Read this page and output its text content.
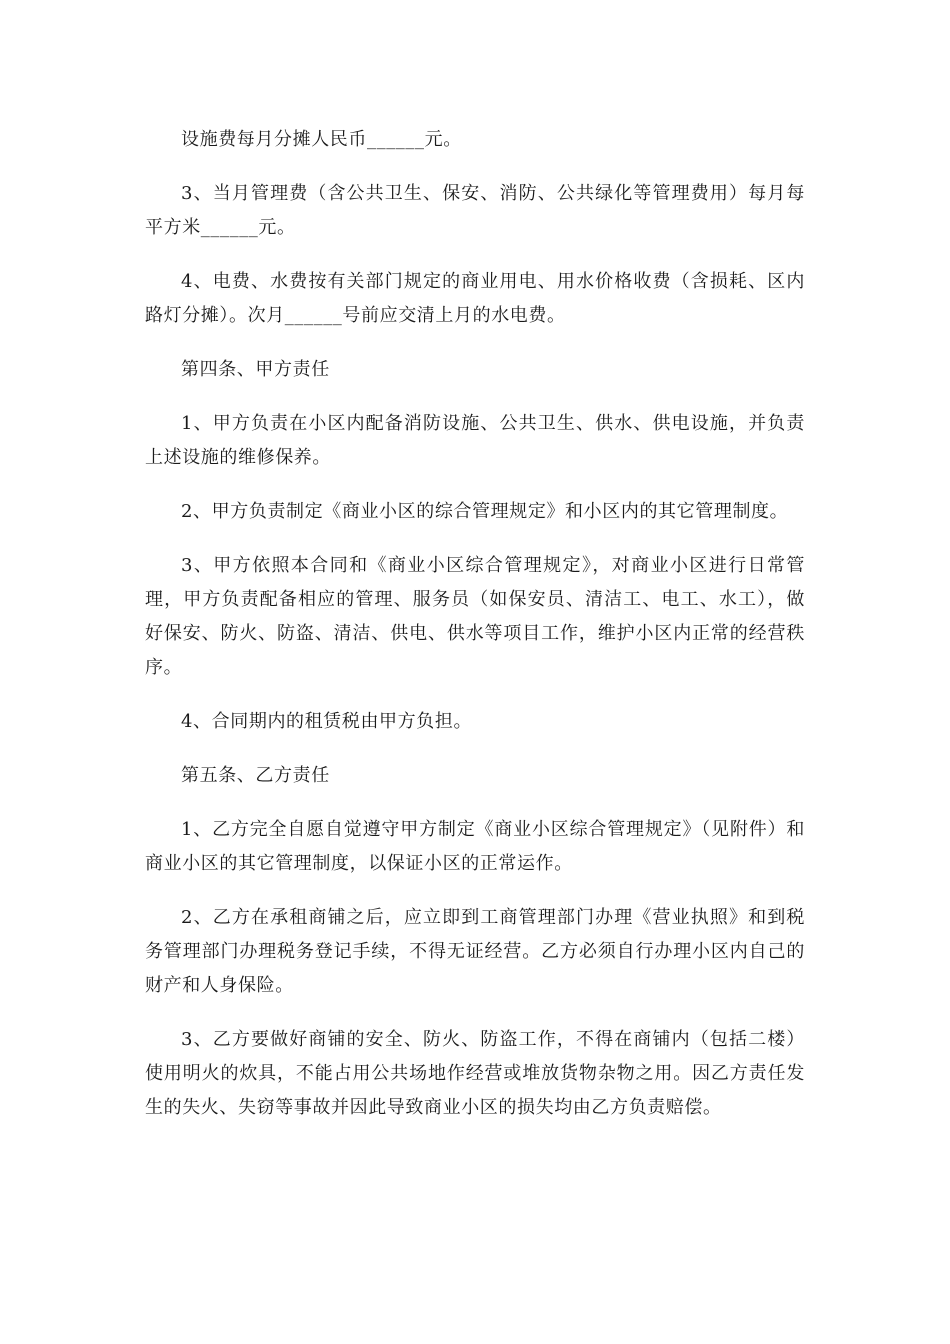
设施费每月分摊人民币______元。

3、当月管理费（含公共卫生、保安、消防、公共绿化等管理费用）每月每平方米______元。

4、电费、水费按有关部门规定的商业用电、用水价格收费（含损耗、区内路灯分摊）。次月______号前应交清上月的水电费。

第四条、甲方责任

1、甲方负责在小区内配备消防设施、公共卫生、供水、供电设施，并负责上述设施的维修保养。

2、甲方负责制定《商业小区的综合管理规定》和小区内的其它管理制度。

3、甲方依照本合同和《商业小区综合管理规定》，对商业小区进行日常管理，甲方负责配备相应的管理、服务员（如保安员、清洁工、电工、水工），做好保安、防火、防盗、清洁、供电、供水等项目工作，维护小区内正常的经营秩序。

4、合同期内的租赁税由甲方负担。

第五条、乙方责任

1、乙方完全自愿自觉遵守甲方制定《商业小区综合管理规定》（见附件）和商业小区的其它管理制度，以保证小区的正常运作。

2、乙方在承租商铺之后，应立即到工商管理部门办理《营业执照》和到税务管理部门办理税务登记手续，不得无证经营。乙方必须自行办理小区内自己的财产和人身保险。

3、乙方要做好商铺的安全、防火、防盗工作，不得在商铺内（包括二楼）使用明火的炊具，不能占用公共场地作经营或堆放货物杂物之用。因乙方责任发生的失火、失窃等事故并因此导致商业小区的损失均由乙方负责赔偿。
